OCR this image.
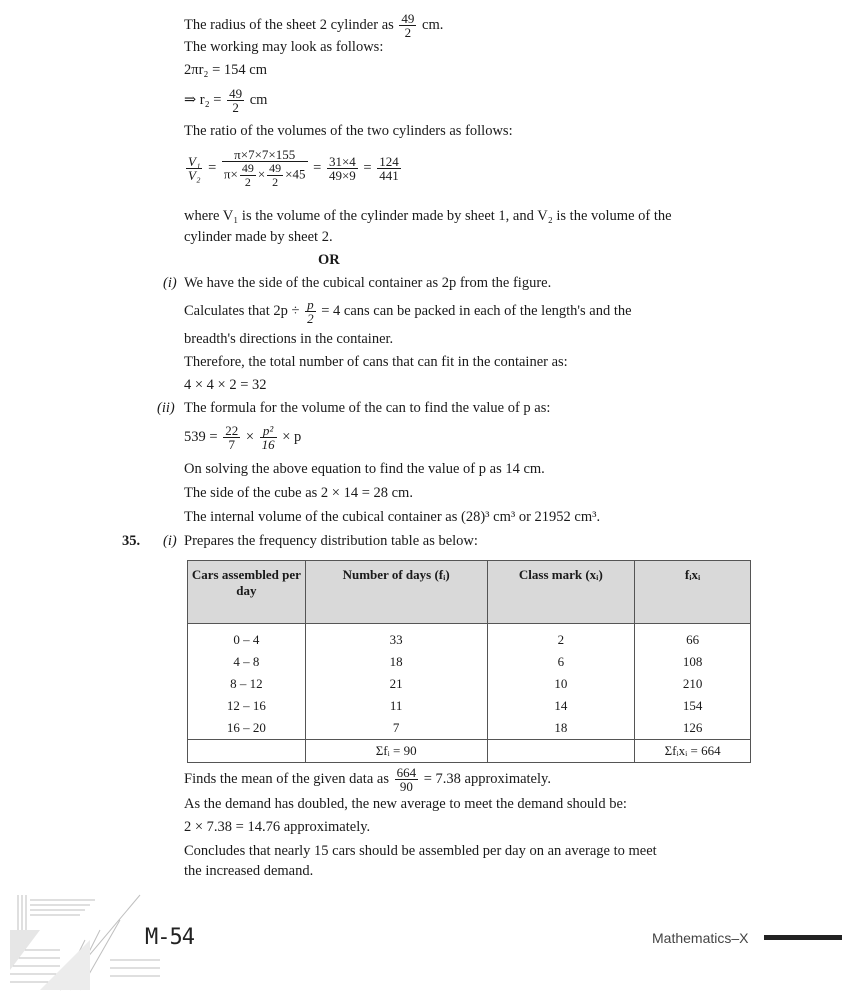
The radius of the sheet 2 cylinder as $\frac{49}{2}$ cm.
The working may look as follows:
2πr₂ = 154 cm
⇒ $r_2 = \frac{49}{2}$ cm
The ratio of the volumes of the two cylinders as follows:
$\frac{\text{V₁}}{\text{V₂}} = \frac{\pi\times 7\times 7\times 155}{\pi\times \frac{49}{2} \times \frac{49}{2} \times 45} = \frac{31\times 4}{49\times 9} = \frac{124}{441}$
where V₁ is the volume of the cylinder made by sheet 1, and V₂ is the volume of the
cylinder made by sheet 2.
OR
(i) We have the side of the cubical container as 2p from the figure.
Calculates that $2p \div \frac{p}{2} = 4$ cans can be packed in each of the length's and the
breadth's directions in the container.
Therefore, the total number of cans that can fit in the container as:
4 × 4 × 2 = 32
(ii) The formula for the volume of the can to find the value of p as:
$539 = \frac{22}{7} \times \frac{\text{p²}}{16} \times p$
On solving the above equation to find the value of p as 14 cm.
The side of the cube as 2 × 14 = 28 cm.
The internal volume of the cubical container as (28)³ cm³ or 21952 cm³.
35. (i) Prepares the frequency distribution table as below:
Cars assembled per day	Number of days (fᵢ)	Class mark (xᵢ)	fᵢxᵢ
0 – 4	33	2	66
4 – 8	18	6	108
8 – 12	21	10	210
12 – 16	11	14	154
16 – 20	7	18	126
	Σfᵢ = 90		Σfᵢxᵢ = 664
Finds the mean of the given data as $\frac{664}{90} = 7.38$ approximately.
As the demand has doubled, the new average to meet the demand should be:
2 × 7.38 = 14.76 approximately.
Concludes that nearly 15 cars should be assembled per day on an average to meet
the increased demand.
M-54	Mathematics–X
